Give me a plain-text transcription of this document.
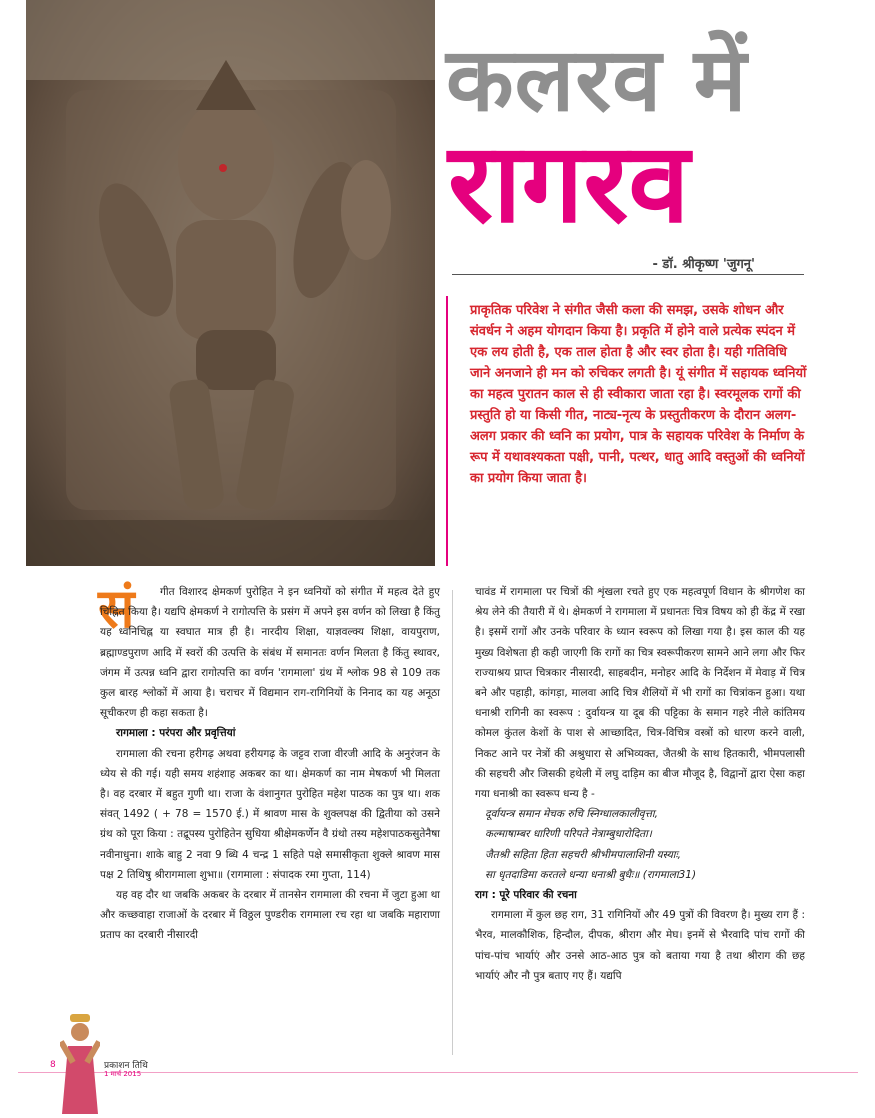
कलरव में
रागरव
- डॉ. श्रीकृष्ण 'जुगनू'
प्राकृतिक परिवेश ने संगीत जैसी कला की समझ, उसके शोधन और संवर्धन ने अहम योगदान किया है। प्रकृति में होने वाले प्रत्येक स्पंदन में एक लय होती है, एक ताल होता है और स्वर होता है। यही गतिविधि जाने अनजाने ही मन को रुचिकर लगती है। यूं संगीत में सहायक ध्वनियों का महत्व पुरातन काल से ही स्वीकारा जाता रहा है। स्वरमूलक रागों की प्रस्तुति हो या किसी गीत, नाट्य-नृत्य के प्रस्तुतीकरण के दौरान अलग-अलग प्रकार की ध्वनि का प्रयोग, पात्र के सहायक परिवेश के निर्माण के रूप में यथावश्यकता पक्षी, पानी, पत्थर, धातु आदि वस्तुओं की ध्वनियों का प्रयोग किया जाता है।
सं	गीत विशारद क्षेमकर्ण पुरोहित ने इन ध्वनियों को संगीत में महत्व देते हुए चिह्नित किया है। यद्यपि क्षेमकर्ण ने रागोत्पत्ति के प्रसंग में अपने इस वर्णन को लिखा है किंतु यह ध्वनिचिह्न या स्वघात मात्र ही है। नारदीय शिक्षा, याज्ञवल्क्य शिक्षा, वायपुराण, ब्रह्माण्डपुराण आदि में स्वरों की उत्पत्ति के संबंध में समानतः वर्णन मिलता है किंतु स्थावर, जंगम में उत्पन्न ध्वनि द्वारा रागोत्पत्ति का वर्णन 'रागमाला' ग्रंथ में श्लोक 98 से 109 तक कुल बारह श्लोकों में आया है। चराचर में विद्यमान राग-रागिनियों के निनाद का यह अनूठा सूचीकरण ही कहा सकता है।

रागमाला : परंपरा और प्रवृत्तियां

रागमाला की रचना हरीगढ़ अथवा हरीयगढ़ के जट्टव राजा वीरजी आदि के अनुरंजन के ध्येय से की गई। यही समय शहंशाह अकबर का था। क्षेमकर्ण का नाम मेषकर्ण भी मिलता है। वह दरबार में बहुत गुणी था। राजा के वंशानुगत पुरोहित महेश पाठक का पुत्र था। शक संवत् 1492 ( + 78 = 1570 ई.) में श्रावण मास के शुक्लपक्ष की द्वितीया को उसने ग्रंथ को पूरा किया : तद्रूपस्य पुरोहितेन सुधिया श्रीक्षेमकर्णेन वै ग्रंथो तस्य महेशपाठकसुतेनैषा नवीनाधुना। शाके बाहु 2 नवा 9 ब्धि 4 चन्द्र 1 सहिते पक्षे समासीकृता शुक्ले श्रावण मास पक्ष 2 तिथिषु श्रीरागमाला शुभा॥ (रागमाला : संपादक रमा गुप्ता, 114)

यह वह दौर था जबकि अकबर के दरबार में तानसेन रागमाला की रचना में जुटा हुआ था और कच्छवाहा राजाओं के दरबार में विठ्ठल पुण्डरीक रागमाला रच रहा था जबकि महाराणा प्रताप का दरबारी नीसारदी

चावंड में रागमाला पर चित्रों की शृंखला रचते हुए एक महत्वपूर्ण विधान के श्रीगणेश का श्रेय लेने की तैयारी में थे। क्षेमकर्ण ने रागमाला में प्रधानतः चित्र विषय को ही केंद्र में रखा है। इसमें रागों और उनके परिवार के ध्यान स्वरूप को लिखा गया है। इस काल की यह मुख्य विशेषता ही कही जाएगी कि रागों का चित्र स्वरूपीकरण सामने आने लगा और फिर राज्याश्रय प्राप्त चित्रकार नीसारदी, साहबदीन, मनोहर आदि के निर्देशन में मेवाड़ में चित्र बने और पहाड़ी, कांगड़ा, मालवा आदि चित्र शैलियों में भी रागों का चित्रांकन हुआ। यथा धनाश्री रागिनी का स्वरूप : दुर्वायन्त्र या दूब की पट्टिका के समान गहरे नीले कांतिमय कोमल कुंतल केशों के पाश से आच्छादित, चित्र-विचित्र वस्त्रों को धारण करने वाली, निकट आने पर नेत्रों की अश्रुधारा से अभिव्यक्त, जैतश्री के साथ हितकारी, भीमपलासी की सहचरी और जिसकी हथेली में लघु दाड़िम का बीज मौजूद है, विद्वानों द्वारा ऐसा कहा गया धनाश्री का स्वरूप धन्य है -

दूर्वायन्त्र समान मेचक रुचि स्निग्धालकालीवृत्ता,

कल्माषाम्बर धारिणी परिपते नेत्राम्बुधारोदिता।

जैतश्री सहिता हिता सहचरी श्रीभीमपालाशिनी यस्याः,

सा धृतदाडिमा करतले धन्या धनाश्री बुधैः॥ (रागमाला31)

राग : पूरे परिवार की रचना

रागमाला में कुल छह राग, 31 रागिनियों और 49 पुत्रों की विवरण है। मुख्य राग हैं : भैरव, मालकौशिक, हिन्दौल, दीपक, श्रीराग और मेघ। इनमें से भैरवादि पांच रागों की पांच-पांच भार्याएं और उनसे आठ-आठ पुत्र को बताया गया है तथा श्रीराग की छह भार्याएं और नौ पुत्र बताए गए हैं। यद्यपि

8	प्रकाशन तिथि
1 मार्च 2015
